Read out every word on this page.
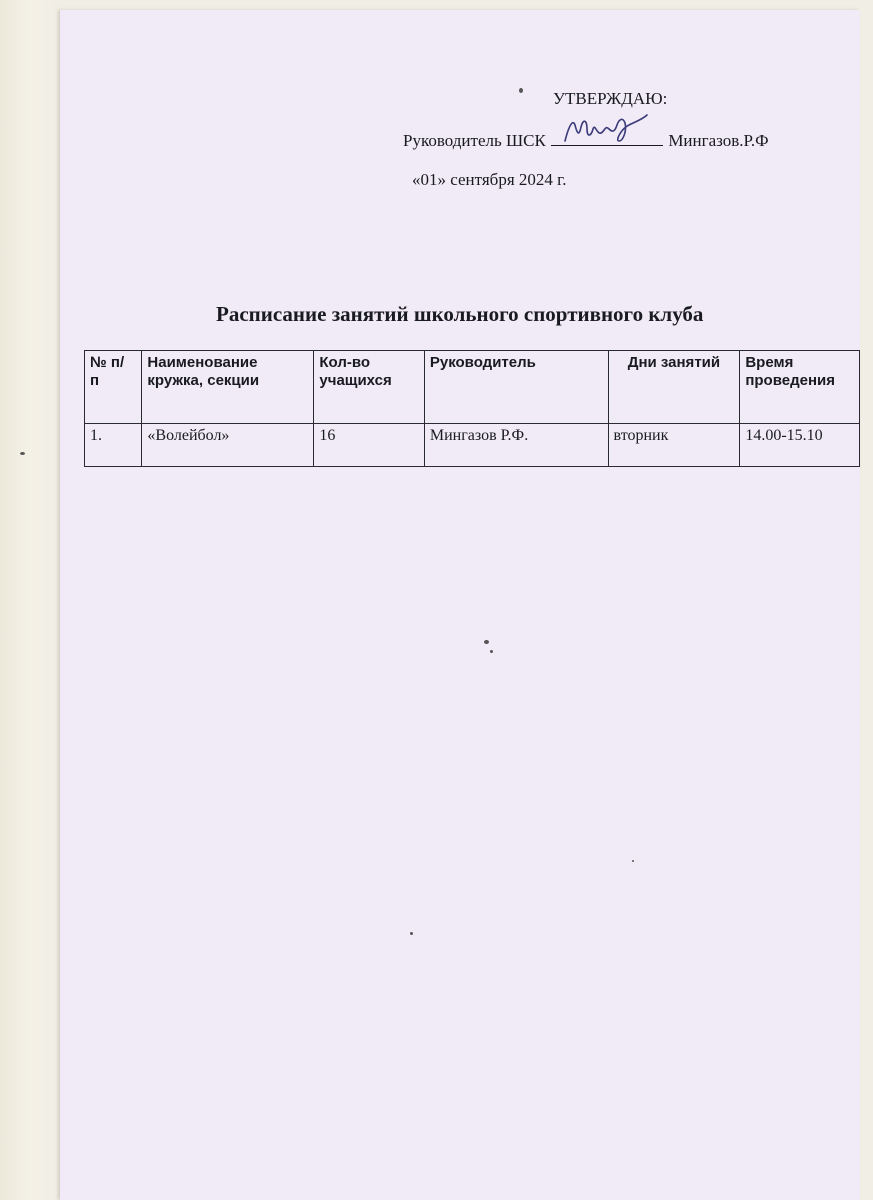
УТВЕРЖДАЮ:
Руководитель ШСК	Мингазов.Р.Ф
«01» сентября 2024 г.
Расписание занятий школьного спортивного клуба
№ п/ п	Наименование кружка, секции	Кол-во учащихся	Руководитель	Дни занятий	Время проведения
1.	«Волейбол»	16	Мингазов Р.Ф.	вторник	14.00-15.10
